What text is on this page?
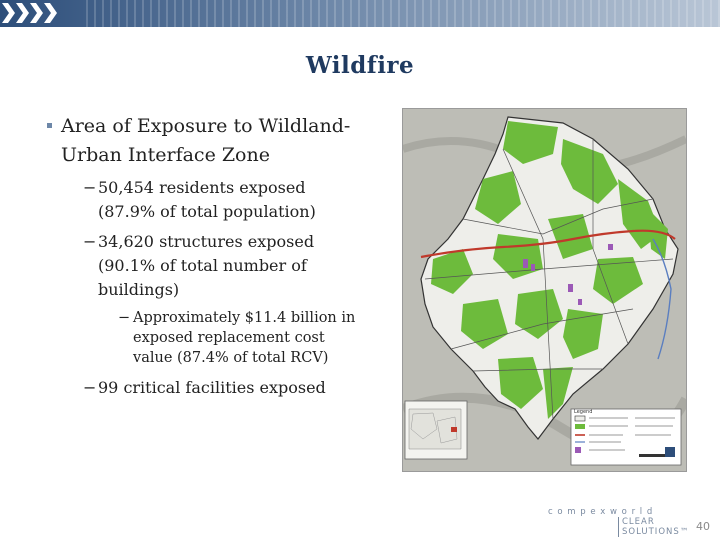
Wildfire
Area of Exposure to Wildland-Urban Interface Zone
− 50,454 residents exposed (87.9% of total population)
− 34,620 structures exposed (90.1% of total number of buildings)
− Approximately $11.4 billion in exposed replacement cost value (87.4% of total RCV)
− 99 critical facilities exposed
Legend
c o m p e x w o r l d
CLEAR SOLUTIONS™ 40
